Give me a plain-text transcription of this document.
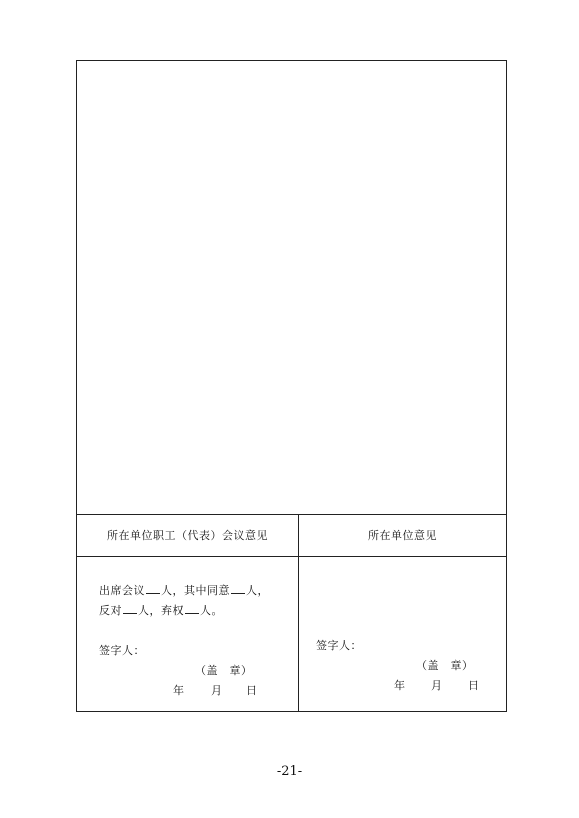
所在单位职工（代表）会议意见	所在单位意见
出席会议 人，其中同意 人，
反对 人，弃权 人。
签字人：
（盖　章）
年 月 日
签字人：
（盖　章）
年 月 日
-21-
